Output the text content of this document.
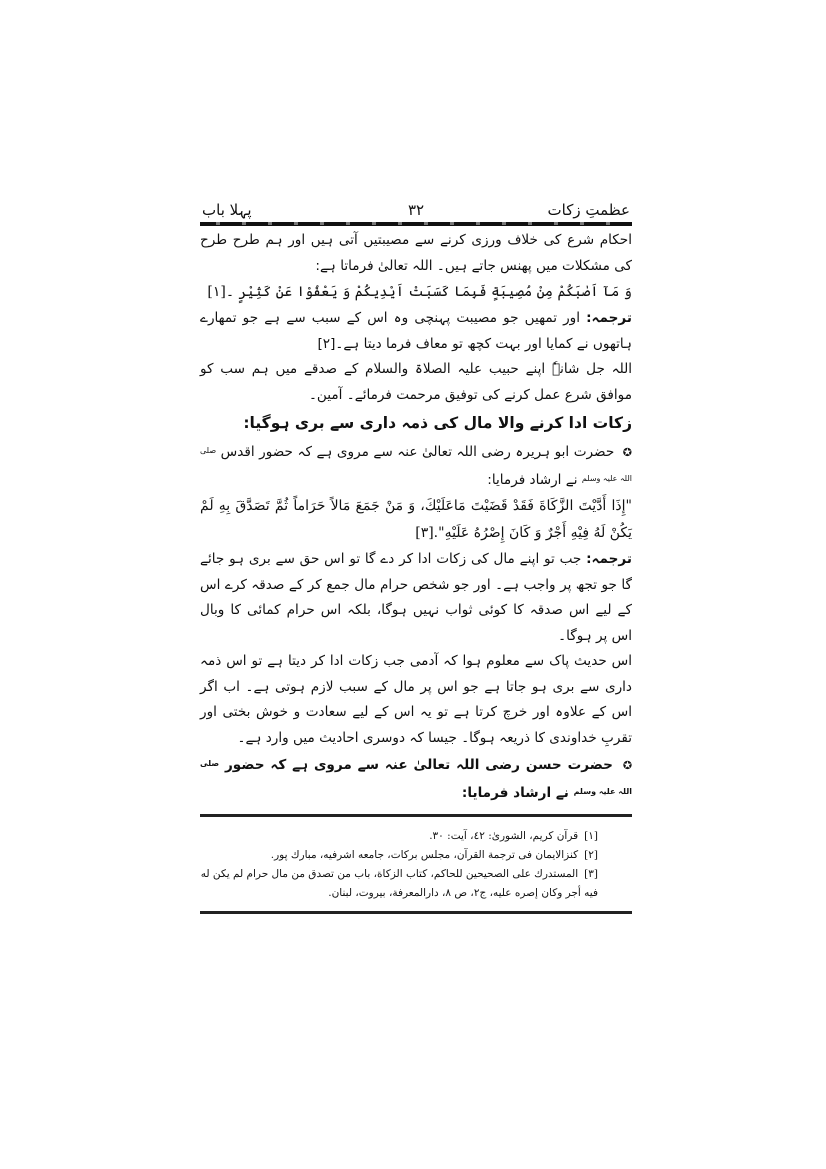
عظمتِ زکات
۳۲
پہلا باب

احکام شرع کی خلاف ورزی کرنے سے مصیبتیں آتی ہیں اور ہم طرح طرح کی مشکلات میں پھنس جاتے ہیں۔ اللہ تعالیٰ فرماتا ہے:

وَ مَآ اَصٰبَكُمْ مِنْ مُصِيبَةٍ فَبِمَا كَسَبَتْ اَيْدِيكُمْ وَ يَعْفُوْا عَنْ كَثِيْرٍ ۔[۱]

ترجمہ: اور تمھیں جو مصیبت پہنچی وہ اس کے سبب سے ہے جو تمھارے ہاتھوں نے کمایا اور بہت کچھ تو معاف فرما دیتا ہے۔[۲]

اللہ جل شانہٗ اپنے حبیب علیہ الصلاۃ والسلام کے صدقے میں ہم سب کو موافق شرع عمل کرنے کی توفیق مرحمت فرمائے۔ آمین۔

زکات ادا کرنے والا مال کی ذمہ داری سے بری ہوگیا:

✪ حضرت ابو ہریرہ رضی اللہ تعالیٰ عنہ سے مروی ہے کہ حضور اقدس $^{صلی اللہ علیہ وسلم}$ نے ارشاد فرمایا:

"إِذَا أَدَّيْتَ الزَّكَاةَ فَقَدْ قَضَيْتَ مَاعَلَيْكَ، وَ مَنْ جَمَعَ مَالاً حَرَاماً ثُمَّ تَصَدَّقَ بِهِ لَمْ يَكُنْ لَهُ فِيْهِ أَجْرٌ وَ كَانَ إِصْرُهُ عَلَيْهِ".[۳]

ترجمہ: جب تو اپنے مال کی زکات ادا کر دے گا تو اس حق سے بری ہو جائے گا جو تجھ پر واجب ہے۔ اور جو شخص حرام مال جمع کر کے صدقہ کرے اس کے لیے اس صدقہ کا کوئی ثواب نہیں ہوگا، بلکہ اس حرام کمائی کا وبال اس پر ہوگا۔

اس حدیث پاک سے معلوم ہوا کہ آدمی جب زکات ادا کر دیتا ہے تو اس ذمہ داری سے بری ہو جاتا ہے جو اس پر مال کے سبب لازم ہوتی ہے۔ اب اگر اس کے علاوہ اور خرچ کرتا ہے تو یہ اس کے لیے سعادت و خوش بختی اور تقربِ خداوندی کا ذریعہ ہوگا۔ جیسا کہ دوسری احادیث میں وارد ہے۔

✪ حضرت حسن رضی اللہ تعالیٰ عنہ سے مروی ہے کہ حضور $^{صلی اللہ علیہ وسلم}$ نے ارشاد فرمایا:

[۱]قرآن کریم، الشوریٰ: ٤٢، آیت: ٣٠.

[۲]کنزالایمان فی ترجمة القرآن، مجلس برکات، جامعه اشرفیه، مبارك پور.

[۳]المستدرك على الصحيحين للحاكم، كتاب الزكاة، باب من تصدق من مال حرام لم يكن له فيه أجر وكان إصره عليه، ج٢، ص ٨، دارالمعرفة، بيروت، لبنان.
